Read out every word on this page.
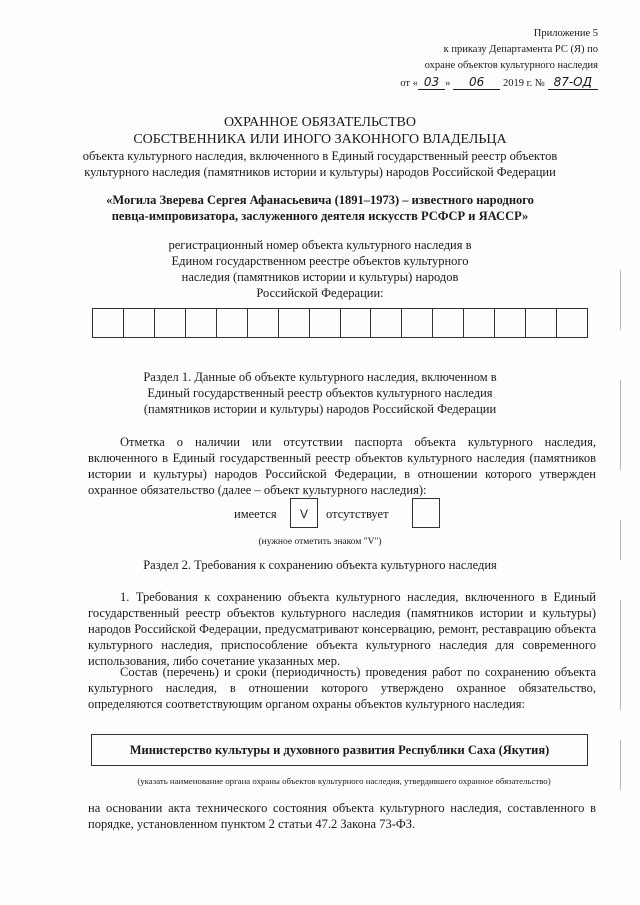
Приложение 5
к приказу Департамента РС (Я) по
охране объектов культурного наследия
от « 03 » 06 2019 г. № 87-ОД
ОХРАННОЕ ОБЯЗАТЕЛЬСТВО
СОБСТВЕННИКА ИЛИ ИНОГО ЗАКОННОГО ВЛАДЕЛЬЦА
объекта культурного наследия, включенного в Единый государственный реестр объектов культурного наследия (памятников истории и культуры) народов Российской Федерации
«Могила Зверева Сергея Афанасьевича (1891–1973) – известного народного певца-импровизатора, заслуженного деятеля искусств РСФСР и ЯАССР»
регистрационный номер объекта культурного наследия в Едином государственном реестре объектов культурного наследия (памятников истории и культуры) народов Российской Федерации:
Раздел 1. Данные об объекте культурного наследия, включенном в Единый государственный реестр объектов культурного наследия (памятников истории и культуры) народов Российской Федерации
Отметка о наличии или отсутствии паспорта объекта культурного наследия, включенного в Единый государственный реестр объектов культурного наследия (памятников истории и культуры) народов Российской Федерации, в отношении которого утвержден охранное обязательство (далее – объект культурного наследия):
имеется	V	отсутствует
(нужное отметить знаком "V")
Раздел 2. Требования к сохранению объекта культурного наследия
1. Требования к сохранению объекта культурного наследия, включенного в Единый государственный реестр объектов культурного наследия (памятников истории и культуры) народов Российской Федерации, предусматривают консервацию, ремонт, реставрацию объекта культурного наследия, приспособление объекта культурного наследия для современного использования, либо сочетание указанных мер.
Состав (перечень) и сроки (периодичность) проведения работ по сохранению объекта культурного наследия, в отношении которого утверждено охранное обязательство, определяются соответствующим органом охраны объектов культурного наследия:
Министерство культуры и духовного развития Республики Саха (Якутия)
(указать наименование органа охраны объектов культурного наследия, утвердившего охранное обязательство)
на основании акта технического состояния объекта культурного наследия, составленного в порядке, установленном пунктом 2 статьи 47.2 Закона 73-ФЗ.
